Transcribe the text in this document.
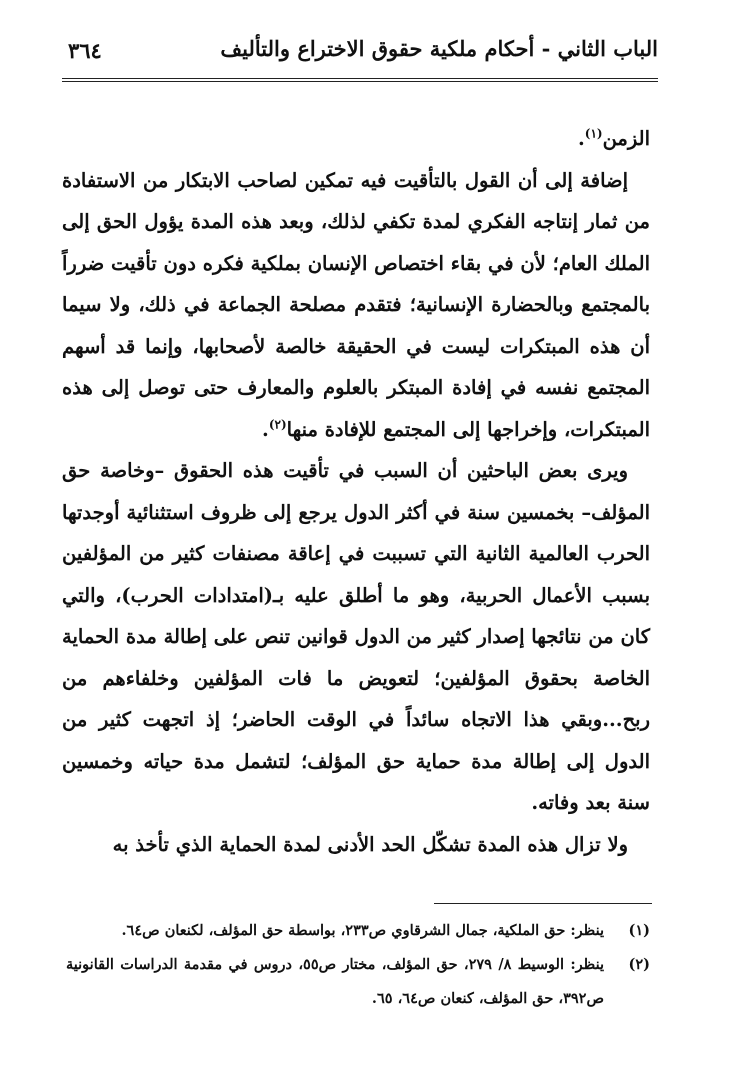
الباب الثاني - أحكام ملكية حقوق الاختراع والتأليف
٣٦٤

الزمن$^{(١)}$.

إضافة إلى أن القول بالتأقيت فيه تمكين لصاحب الابتكار من الاستفادة من ثمار إنتاجه الفكري لمدة تكفي لذلك، وبعد هذه المدة يؤول الحق إلى الملك العام؛ لأن في بقاء اختصاص الإنسان بملكية فكره دون تأقيت ضرراً بالمجتمع وبالحضارة الإنسانية؛ فتقدم مصلحة الجماعة في ذلك، ولا سيما أن هذه المبتكرات ليست في الحقيقة خالصة لأصحابها، وإنما قد أسهم المجتمع نفسه في إفادة المبتكر بالعلوم والمعارف حتى توصل إلى هذه المبتكرات، وإخراجها إلى المجتمع للإفادة منها$^{(٢)}$.

ويرى بعض الباحثين أن السبب في تأقيت هذه الحقوق –وخاصة حق المؤلف– بخمسين سنة في أكثر الدول يرجع إلى ظروف استثنائية أوجدتها الحرب العالمية الثانية التي تسببت في إعاقة مصنفات كثير من المؤلفين بسبب الأعمال الحربية، وهو ما أطلق عليه بـ(امتدادات الحرب)، والتي كان من نتائجها إصدار كثير من الدول قوانين تنص على إطالة مدة الحماية الخاصة بحقوق المؤلفين؛ لتعويض ما فات المؤلفين وخلفاءهم من ربح...وبقي هذا الاتجاه سائداً في الوقت الحاضر؛ إذ اتجهت كثير من الدول إلى إطالة مدة حماية حق المؤلف؛ لتشمل مدة حياته وخمسين سنة بعد وفاته.

ولا تزال هذه المدة تشكّل الحد الأدنى لمدة الحماية الذي تأخذ به

(١)
ينظر: حق الملكية، جمال الشرقاوي ص٢٣٣، بواسطة حق المؤلف، لكنعان ص٦٤.
(٢)
ينظر: الوسيط ٨/ ٢٧٩، حق المؤلف، مختار ص٥٥، دروس في مقدمة الدراسات القانونية ص٣٩٢، حق المؤلف، كنعان ص٦٤، ٦٥.
